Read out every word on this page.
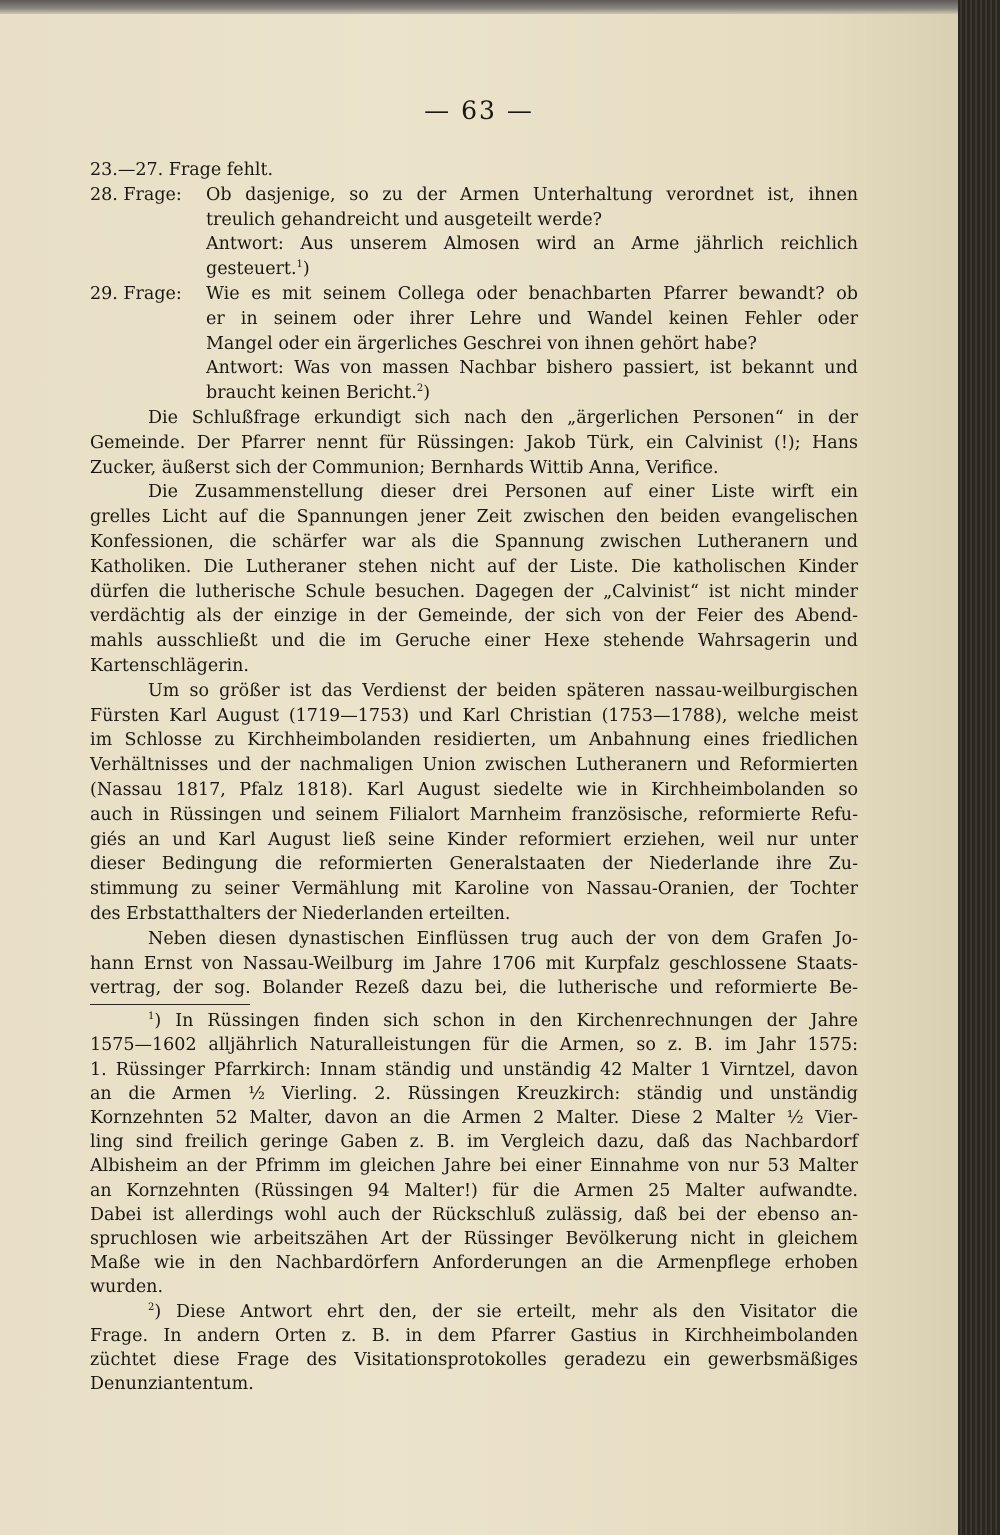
— 63 —
23.—27. Frage fehlt.
28. Frage:	Ob dasjenige, so zu der Armen Unterhaltung verordnet ist, ihnen
treulich gehandreicht und ausgeteilt werde?
Antwort: Aus unserem Almosen wird an Arme jährlich reichlich
gesteuert.$^1$)
29. Frage:	Wie es mit seinem Collega oder benachbarten Pfarrer bewandt? ob
er in seinem oder ihrer Lehre und Wandel keinen Fehler oder
Mangel oder ein ärgerliches Geschrei von ihnen gehört habe?
Antwort: Was von massen Nachbar bishero passiert, ist bekannt und
braucht keinen Bericht.$^2$)
Die Schlußfrage erkundigt sich nach den „ärgerlichen Personen“ in der
Gemeinde. Der Pfarrer nennt für Rüssingen: Jakob Türk, ein Calvinist (!); Hans
Zucker, äußerst sich der Communion; Bernhards Wittib Anna, Verifice.
Die Zusammenstellung dieser drei Personen auf einer Liste wirft ein
grelles Licht auf die Spannungen jener Zeit zwischen den beiden evangelischen
Konfessionen, die schärfer war als die Spannung zwischen Lutheranern und
Katholiken. Die Lutheraner stehen nicht auf der Liste. Die katholischen Kinder
dürfen die lutherische Schule besuchen. Dagegen der „Calvinist“ ist nicht minder
verdächtig als der einzige in der Gemeinde, der sich von der Feier des Abend-
mahls ausschließt und die im Geruche einer Hexe stehende Wahrsagerin und
Kartenschlägerin.
Um so größer ist das Verdienst der beiden späteren nassau-weilburgischen
Fürsten Karl August (1719—1753) und Karl Christian (1753—1788), welche meist
im Schlosse zu Kirchheimbolanden residierten, um Anbahnung eines friedlichen
Verhältnisses und der nachmaligen Union zwischen Lutheranern und Reformierten
(Nassau 1817, Pfalz 1818). Karl August siedelte wie in Kirchheimbolanden so
auch in Rüssingen und seinem Filialort Marnheim französische, reformierte Refu-
giés an und Karl August ließ seine Kinder reformiert erziehen, weil nur unter
dieser Bedingung die reformierten Generalstaaten der Niederlande ihre Zu-
stimmung zu seiner Vermählung mit Karoline von Nassau-Oranien, der Tochter
des Erbstatthalters der Niederlanden erteilten.
Neben diesen dynastischen Einflüssen trug auch der von dem Grafen Jo-
hann Ernst von Nassau-Weilburg im Jahre 1706 mit Kurpfalz geschlossene Staats-
vertrag, der sog. Bolander Rezeß dazu bei, die lutherische und reformierte Be-
$^1$) In Rüssingen finden sich schon in den Kirchenrechnungen der Jahre
1575—1602 alljährlich Naturalleistungen für die Armen, so z. B. im Jahr 1575:
1. Rüssinger Pfarrkirch: Innam ständig und unständig 42 Malter 1 Virntzel, davon
an die Armen ½ Vierling. 2. Rüssingen Kreuzkirch: ständig und unständig
Kornzehnten 52 Malter, davon an die Armen 2 Malter. Diese 2 Malter ½ Vier-
ling sind freilich geringe Gaben z. B. im Vergleich dazu, daß das Nachbardorf
Albisheim an der Pfrimm im gleichen Jahre bei einer Einnahme von nur 53 Malter
an Kornzehnten (Rüssingen 94 Malter!) für die Armen 25 Malter aufwandte.
Dabei ist allerdings wohl auch der Rückschluß zulässig, daß bei der ebenso an-
spruchlosen wie arbeitszähen Art der Rüssinger Bevölkerung nicht in gleichem
Maße wie in den Nachbardörfern Anforderungen an die Armenpflege erhoben
wurden.
$^2$) Diese Antwort ehrt den, der sie erteilt, mehr als den Visitator die
Frage. In andern Orten z. B. in dem Pfarrer Gastius in Kirchheimbolanden
züchtet diese Frage des Visitationsprotokolles geradezu ein gewerbsmäßiges
Denunziantentum.
